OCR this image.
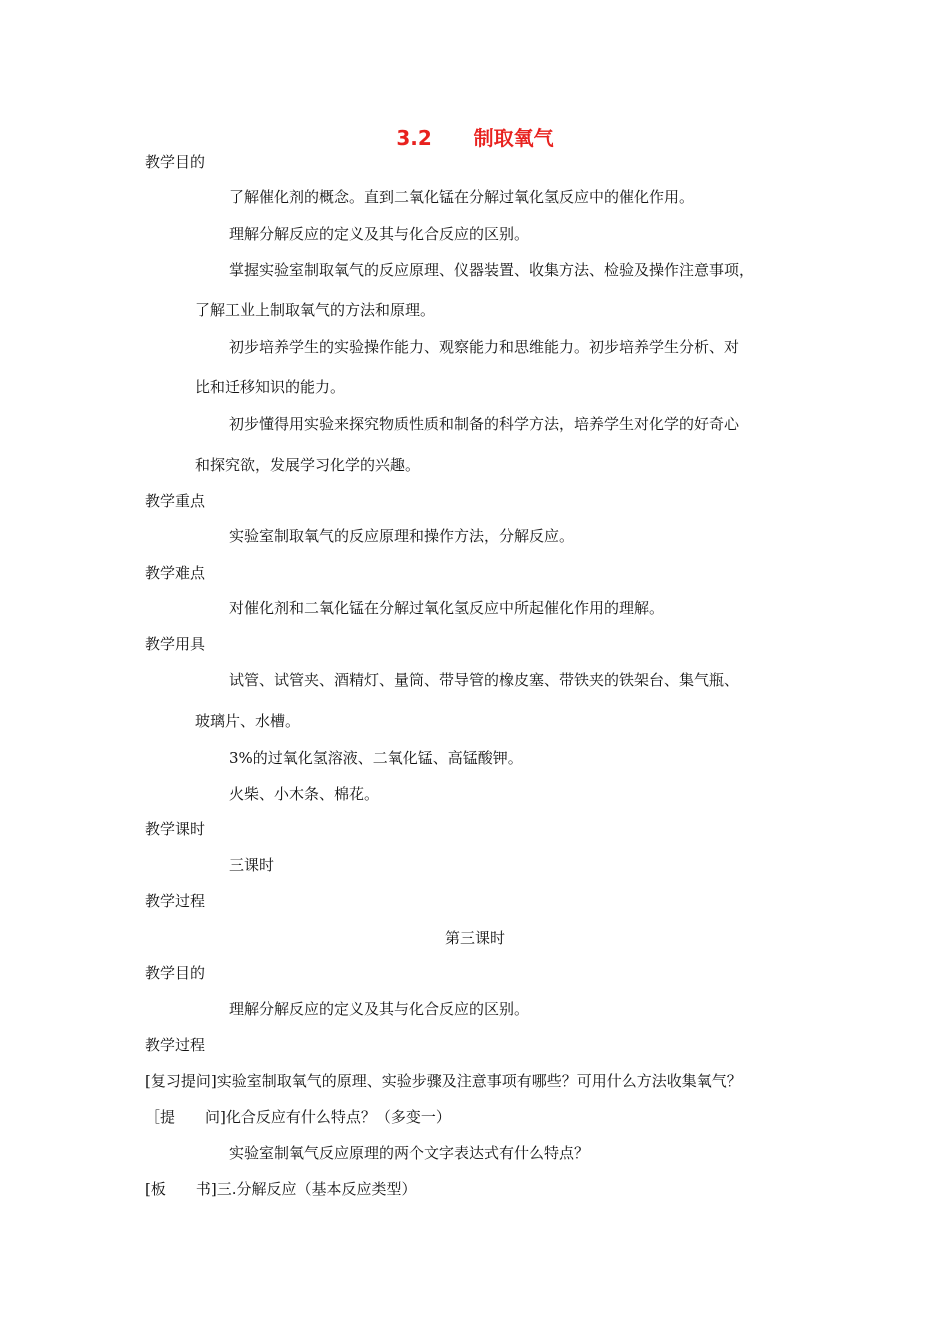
3.2 制取氧气
教学目的
了解催化剂的概念。直到二氧化锰在分解过氧化氢反应中的催化作用。
理解分解反应的定义及其与化合反应的区别。
掌握实验室制取氧气的反应原理、仪器装置、收集方法、检验及操作注意事项，
了解工业上制取氧气的方法和原理。
初步培养学生的实验操作能力、观察能力和思维能力。初步培养学生分析、对
比和迁移知识的能力。
初步懂得用实验来探究物质性质和制备的科学方法，培养学生对化学的好奇心
和探究欲，发展学习化学的兴趣。
教学重点
实验室制取氧气的反应原理和操作方法，分解反应。
教学难点
对催化剂和二氧化锰在分解过氧化氢反应中所起催化作用的理解。
教学用具
试管、试管夹、酒精灯、量筒、带导管的橡皮塞、带铁夹的铁架台、集气瓶、
玻璃片、水槽。
3%的过氧化氢溶液、二氧化锰、高锰酸钾。
火柴、小木条、棉花。
教学课时
三课时
教学过程
第三课时
教学目的
理解分解反应的定义及其与化合反应的区别。
教学过程
[复习提问]实验室制取氧气的原理、实验步骤及注意事项有哪些？可用什么方法收集氧气？
［提　　问]化合反应有什么特点？（多变一）
实验室制氧气反应原理的两个文字表达式有什么特点？
[板　　书]三.分解反应（基本反应类型）
